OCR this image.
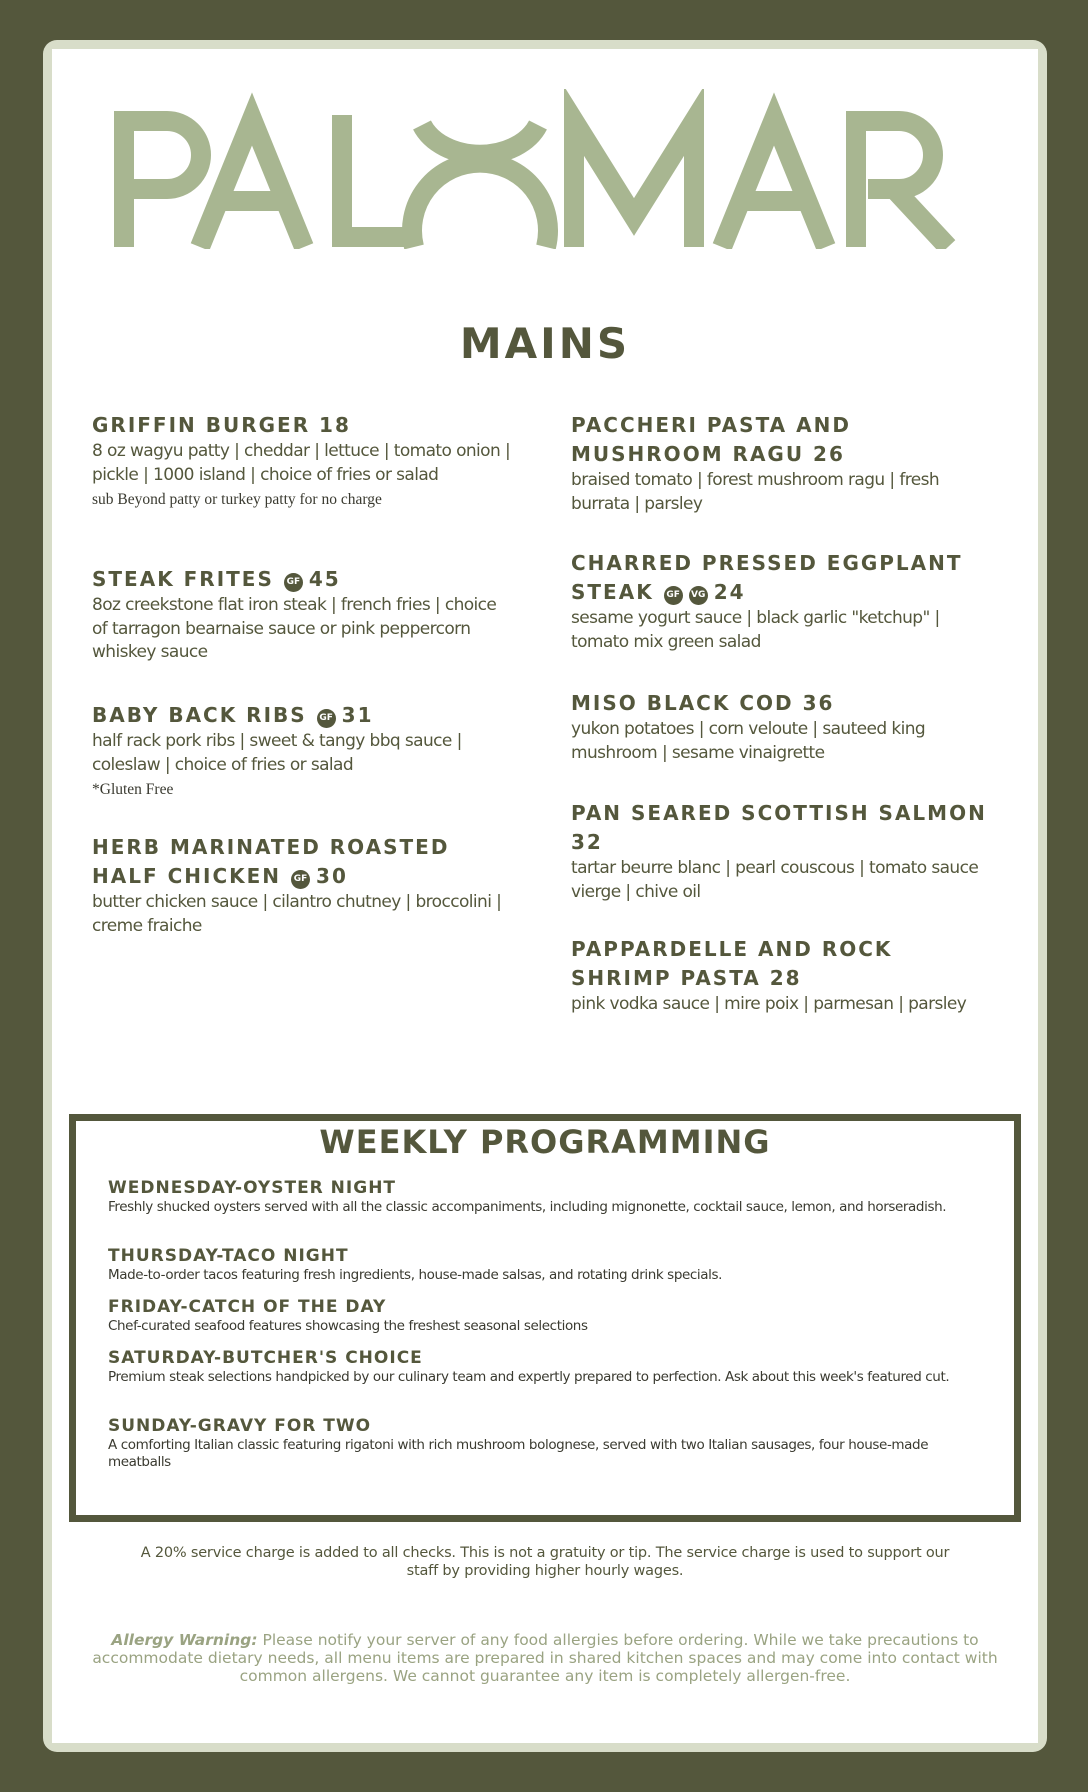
MAINS
GRIFFIN BURGER 18
8 oz wagyu patty | cheddar | lettuce | tomato onion | pickle | 1000 island | choice of fries or salad
sub Beyond patty or turkey patty for no charge
STEAK FRITES GF 45
8oz creekstone flat iron steak | french fries | choice of tarragon bearnaise sauce or pink peppercorn whiskey sauce
BABY BACK RIBS GF 31
half rack pork ribs | sweet & tangy bbq sauce | coleslaw | choice of fries or salad
*Gluten Free
HERB MARINATED ROASTED HALF CHICKEN GF 30
butter chicken sauce | cilantro chutney | broccolini | creme fraiche
PACCHERI PASTA AND MUSHROOM RAGU 26
braised tomato | forest mushroom ragu | fresh burrata | parsley
CHARRED PRESSED EGGPLANT STEAK GF VG 24
sesame yogurt sauce | black garlic "ketchup" | tomato mix green salad
MISO BLACK COD 36
yukon potatoes | corn veloute | sauteed king mushroom | sesame vinaigrette
PAN SEARED SCOTTISH SALMON 32
tartar beurre blanc | pearl couscous | tomato sauce vierge | chive oil
PAPPARDELLE AND ROCK SHRIMP PASTA 28
pink vodka sauce | mire poix | parmesan | parsley
WEEKLY PROGRAMMING
WEDNESDAY-OYSTER NIGHT
Freshly shucked oysters served with all the classic accompaniments, including mignonette, cocktail sauce, lemon, and horseradish.
THURSDAY-TACO NIGHT
Made-to-order tacos featuring fresh ingredients, house-made salsas, and rotating drink specials.
FRIDAY-CATCH OF THE DAY
Chef-curated seafood features showcasing the freshest seasonal selections
SATURDAY-BUTCHER'S CHOICE
Premium steak selections handpicked by our culinary team and expertly prepared to perfection. Ask about this week's featured cut.
SUNDAY-GRAVY FOR TWO
A comforting Italian classic featuring rigatoni with rich mushroom bolognese, served with two Italian sausages, four house-made meatballs
A 20% service charge is added to all checks. This is not a gratuity or tip. The service charge is used to support our staff by providing higher hourly wages.
Allergy Warning: Please notify your server of any food allergies before ordering. While we take precautions to accommodate dietary needs, all menu items are prepared in shared kitchen spaces and may come into contact with common allergens. We cannot guarantee any item is completely allergen-free.
